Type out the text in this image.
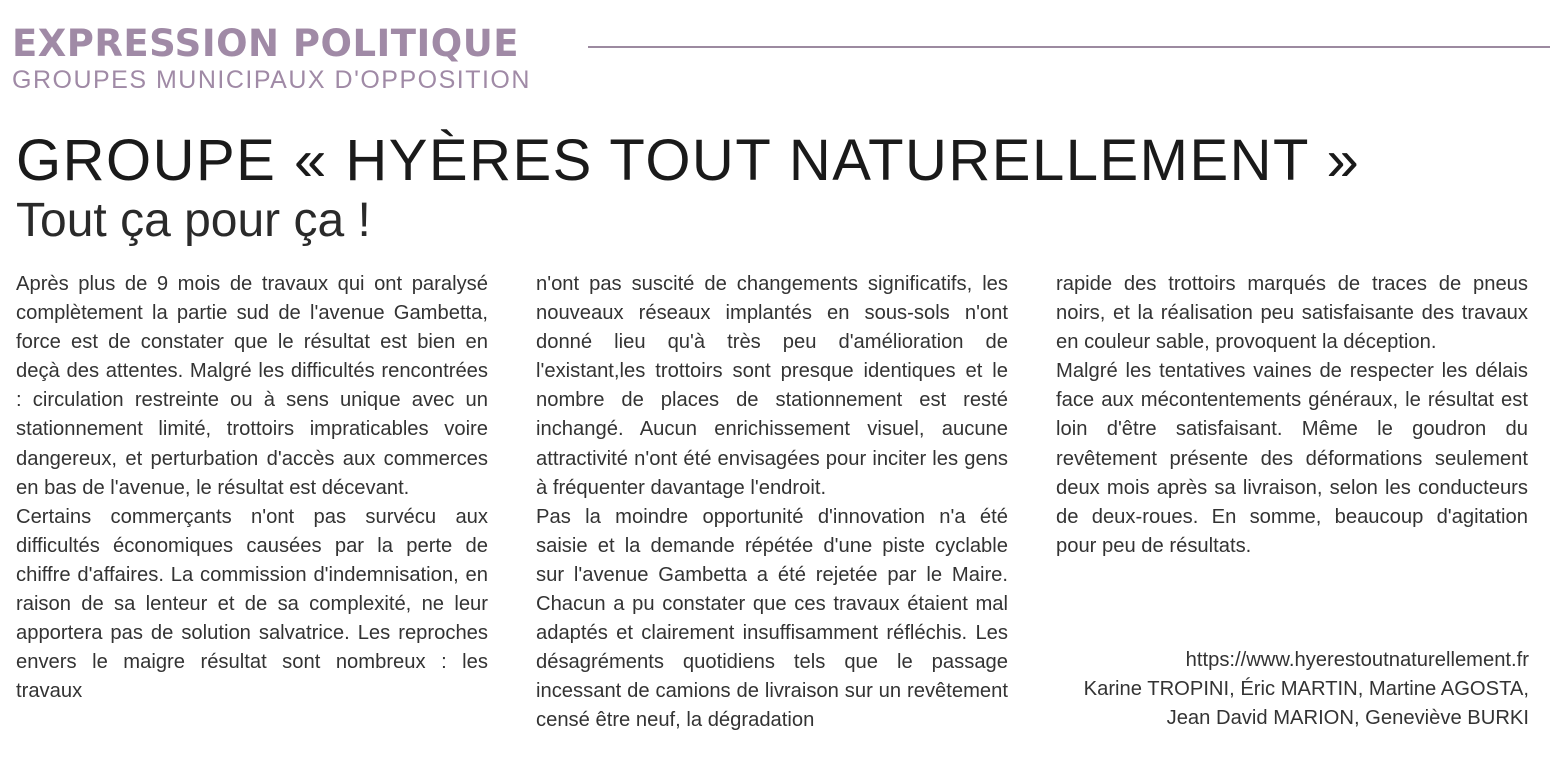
EXPRESSION POLITIQUE
GROUPES MUNICIPAUX D'OPPOSITION
GROUPE « HYÈRES TOUT NATURELLEMENT »
Tout ça pour ça !

Après plus de 9 mois de travaux qui ont paralysé complètement la partie sud de l'avenue Gambetta, force est de constater que le résultat est bien en deçà des attentes. Malgré les difficultés rencontrées : circulation restreinte ou à sens unique avec un stationnement limité, trottoirs impraticables voire dangereux, et perturbation d'accès aux commerces en bas de l'avenue, le résultat est décevant.

Certains commerçants n'ont pas survécu aux difficultés économiques causées par la perte de chiffre d'affaires. La commission d'indemnisation, en raison de sa lenteur et de sa complexité, ne leur apportera pas de solution salvatrice. Les reproches envers le maigre résultat sont nombreux : les travaux

n'ont pas suscité de changements significatifs, les nouveaux réseaux implantés en sous-sols n'ont donné lieu qu'à très peu d'amélioration de l'existant,les trottoirs sont presque identiques et le nombre de places de stationnement est resté inchangé. Aucun enrichissement visuel, aucune attractivité n'ont été envisagées pour inciter les gens à fréquenter davantage l'endroit.

Pas la moindre opportunité d'innovation n'a été saisie et la demande répétée d'une piste cyclable sur l'avenue Gambetta a été rejetée par le Maire. Chacun a pu constater que ces travaux étaient mal adaptés et clairement insuffisamment réfléchis. Les désagréments quotidiens tels que le passage incessant de camions de livraison sur un revêtement censé être neuf, la dégradation

rapide des trottoirs marqués de traces de pneus noirs, et la réalisation peu satisfaisante des travaux en couleur sable, provoquent la déception.

Malgré les tentatives vaines de respecter les délais face aux mécontentements généraux, le résultat est loin d'être satisfaisant. Même le goudron du revêtement présente des déformations seulement deux mois après sa livraison, selon les conducteurs de deux-roues. En somme, beaucoup d'agitation pour peu de résultats.

https://www.hyerestoutnaturellement.fr
Karine TROPINI, Éric MARTIN, Martine AGOSTA,
Jean David MARION, Geneviève BURKI
